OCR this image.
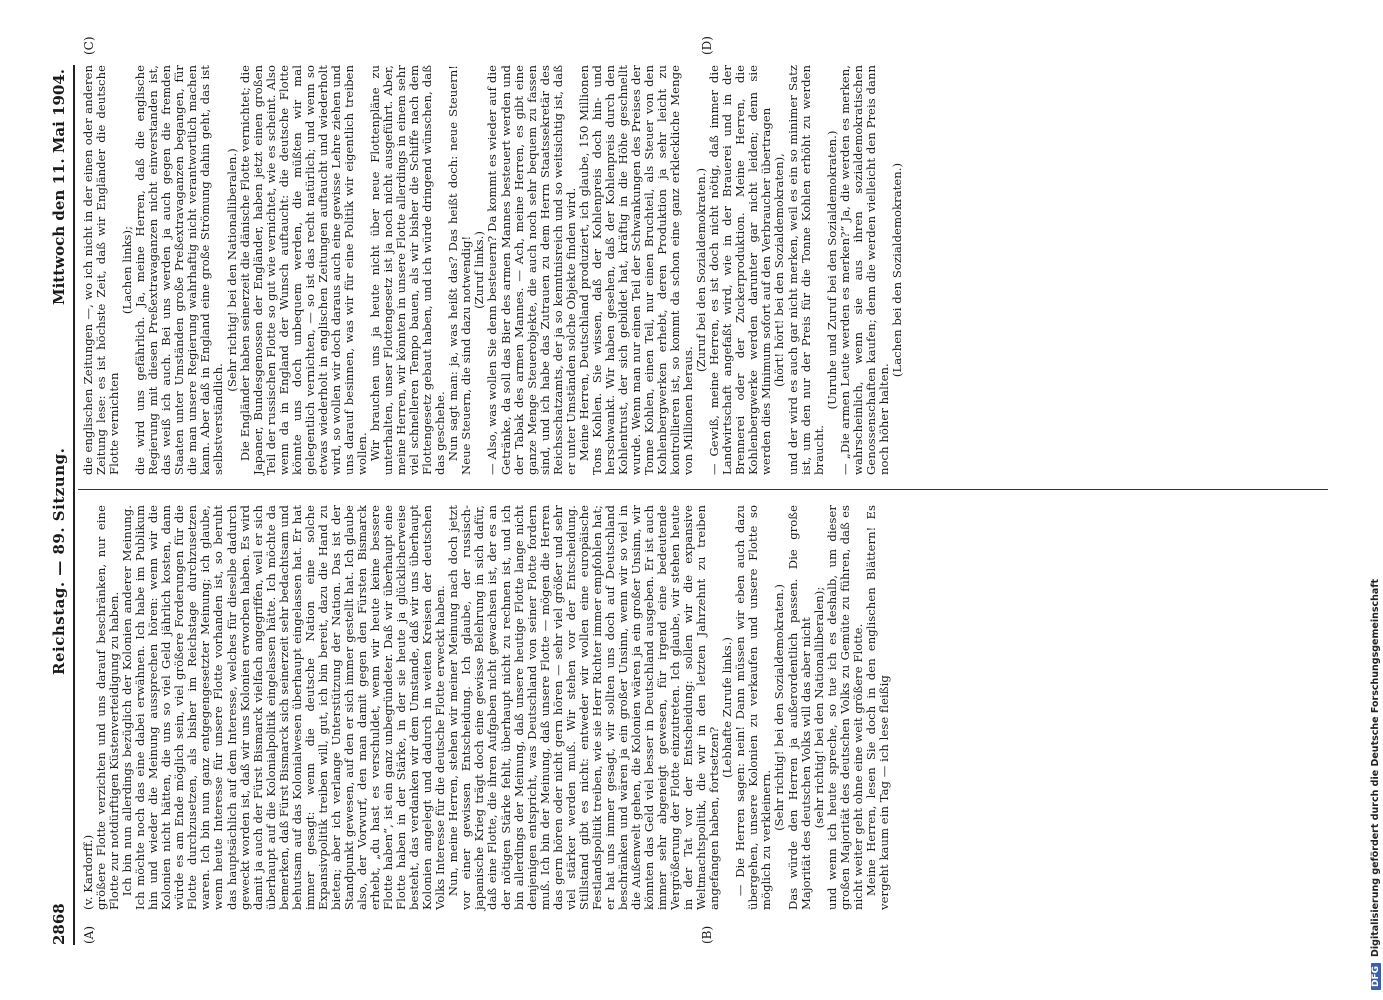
2868
Reichstag. — 89. Sitzung.
Mittwoch den 11. Mai 1904.
(A)	(B)
(C)	(D)

(v. Kardorff.) größere Flotte verzichten und uns darauf beschränken, nur eine Flotte zur notdürftigen Küstenverteidigung zu haben. Ich bin nun allerdings bezüglich der Kolonien anderer Meinung. Ich möchte noch das eine dabei erwähnen. Ich habe im Publikum hin und wieder die Meinung aussprechen hören: wenn wir die Kolonien nicht hätten, die uns so viel Geld jährlich kosten, dann würde es am Ende möglich sein, viel größere Forderungen für die Flotte durchzusetzen, als bisher im Reichstage durchzusetzen waren. Ich bin nun ganz entgegengesetzter Meinung; ich glaube, wenn heute Interesse für unsere Flotte vorhanden ist, so beruht das hauptsächlich auf dem Interesse, welches für dieselbe dadurch geweckt worden ist, daß wir uns Kolonien erworben haben. Es wird damit ja auch der Fürst Bismarck vielfach angegriffen, weil er sich überhaupt auf die Kolonialpolitik eingelassen hätte. Ich möchte da bemerken, daß Fürst Bismarck sich seinerzeit sehr bedachtsam und behutsam auf das Kolonialwesen überhaupt eingelassen hat. Er hat immer gesagt: wenn die deutsche Nation eine solche Expansivpolitik treiben will, gut, ich bin bereit, dazu die Hand zu bieten; aber ich verlange Unterstützung der Nation. Das ist der Standpunkt gewesen, auf den er sich immer gestellt hat. Ich glaube also, der Vorwurf, den man damit gegen den Fürsten Bismarck erhebt, „du hast es verschuldet, wenn wir heute keine bessere Flotte haben“, ist ein ganz unbegründeter. Daß wir überhaupt eine Flotte haben in der Stärke, in der sie heute ja glücklicherweise besteht, das verdanken wir dem Umstande, daß wir uns überhaupt Kolonien angelegt und dadurch in weiten Kreisen der deutschen Volks Interesse für die deutsche Flotte erweckt haben. Nun, meine Herren, stehen wir meiner Meinung nach doch jetzt vor einer gewissen Entscheidung. Ich glaube, der russisch-japanische Krieg trägt doch eine gewisse Belehrung in sich dafür, daß eine Flotte, die ihren Aufgaben nicht gewachsen ist, der es an der nötigen Stärke fehlt, überhaupt nicht zu rechnen ist, und ich bin allerdings der Meinung, daß unsere heutige Flotte lange nicht denjenigen entspricht, was Deutschland von seiner Flotte fordern muß. Ich bin der Meinung, daß unsere Flotte — mögen die Herren das gern hören oder nicht gern hören — sehr viel größer und sehr viel stärker werden muß. Wir stehen vor der Entscheidung. Stillstand gibt es nicht: entweder wir wollen eine europäische Festlandspolitik treiben, wie sie Herr Richter immer empfohlen hat; er hat uns immer gesagt, wir sollten uns doch auf Deutschland beschränken und wären ja ein großer Unsinn, wenn wir so viel in die Außenwelt gehen, die Kolonien wären ja ein großer Unsinn, wir könnten das Geld viel besser in Deutschland ausgeben. Er ist auch immer sehr abgeneigt gewesen, für irgend eine bedeutende Vergrößerung der Flotte einzutreten. Ich glaube, wir stehen heute in der Tat vor der Entscheidung: sollen wir die expansive Weltmachtspolitik, die wir in den letzten Jahrzehnt zu treiben angefangen haben, fortsetzen?

(Lebhafte Zurufe links.) — Die Herren sagen: nein! Dann müssen wir eben auch dazu übergehen, unsere Kolonien zu verkaufen und unsere Flotte so möglich zu verkleinern.

(Sehr richtig! bei den Sozialdemokraten.) Das würde den Herren ja außerordentlich passen. Die große Majorität des deutschen Volks will das aber nicht (sehr richtig! bei den Nationalliberalen); und wenn ich heute spreche, so tue ich es deshalb, um dieser großen Majorität des deutschen Volks zu Gemüte zu führen, daß es nicht weiter geht ohne eine weit größere Flotte. Meine Herren, lesen Sie doch in den englischen Blättern! Es vergeht kaum ein Tag — ich lese fleißig

die englischen Zeitungen —, wo ich nicht in der einen oder anderen Zeitung lese: es ist höchste Zeit, daß wir Engländer die deutsche Flotte vernichten

(Lachen links); die wird uns gefährlich. Ja, meine Herren, daß die englische Regierung mit diesen Preßextravaganzen nicht einverstanden ist, das weiß ich auch. Bei uns werden ja auch gegen die fremden Staaten unter Umständen große Preßextravaganzen begangen, für die man unsere Regierung wahrhaftig nicht verantwortlich machen kann. Aber daß in England eine große Strömung dahin geht, das ist selbstverständlich.

(Sehr richtig! bei den Nationalliberalen.) Die Engländer haben seinerzeit die dänische Flotte vernichtet; die Japaner, Bundesgenossen der Engländer, haben jetzt einen großen Teil der russischen Flotte so gut wie vernichtet, wie es scheint. Also wenn da in England der Wunsch auftaucht: die deutsche Flotte könnte uns doch unbequem werden, die müßten wir mal gelegentlich vernichten, — so ist das recht natürlich; und wenn so etwas wiederholt in englischen Zeitungen auftaucht und wiederholt wird, so wollen wir doch daraus auch eine gewisse Lehre ziehen und uns darauf besinnen, was wir für eine Politik wir eigentlich treiben wollen. Wir brauchen uns ja heute nicht über neue Flottenpläne zu unterhalten, unser Flottengesetz ist ja noch nicht ausgeführt. Aber, meine Herren, wir könnten in unsere Flotte allerdings in einem sehr viel schnelleren Tempo bauen, als wir bisher die Schiffe nach dem Flottengesetz gebaut haben, und ich würde dringend wünschen, daß das geschehe. Nun sagt man: ja, was heißt das? Das heißt doch: neue Steuern! Neue Steuern, die sind dazu notwendig! (Zuruf links.) — Also, was wollen Sie denn besteuern? Da kommt es wieder auf die Getränke, da soll das Bier des armen Mannes besteuert werden und der Tabak des armen Mannes. — Ach, meine Herren, es gibt eine ganze Menge Steuerobjekte, die auch noch sehr bequem zu fassen sind, und ich habe das Zutrauen zu dem Herrn Staatssekretär des Reichsschatzamts, der ja so kenntnisreich und so weitsichtig ist, daß er unter Umständen solche Objekte finden wird. Meine Herren, Deutschland produziert, ich glaube, 150 Millionen Tons Kohlen. Sie wissen, daß der Kohlenpreis doch hin- und herschwankt. Wir haben gesehen, daß der Kohlenpreis durch den Kohlentrust, der sich gebildet hat, kräftig in die Höhe geschnellt wurde. Wenn man nur einen Teil der Schwankungen des Preises der Tonne Kohlen, einen Teil, nur einen Bruchteil, als Steuer von den Kohlenbergwerken erhebt, deren Produktion ja sehr leicht zu kontrollieren ist, so kommt da schon eine ganz erkleckliche Menge von Millionen heraus.

(Zuruf bei den Sozialdemokraten.) — Gewiß, meine Herren, es ist doch nicht nötig, daß immer die Landwirtschaft angefaßt wird, wie in der Brauerei und in der Brennerei oder der Zuckerproduktion. Meine Herren, die Kohlenbergwerke werden darunter gar nicht leiden; denn sie werden dies Minimum sofort auf den Verbraucher übertragen (hört! hört! bei den Sozialdemokraten), und der wird es auch gar nicht merken, weil es ein so minimer Satz ist, um den nur der Preis für die Tonne Kohlen erhöht zu werden braucht.

(Unruhe und Zuruf bei den Sozialdemokraten.) — „Die armen Leute werden es merken?“ Ja, die werden es merken, wahrscheinlich, wenn sie aus ihren sozialdemokratischen Genossenschaften kaufen; denn die werden vielleicht den Preis dann noch höher halten.

(Lachen bei den Sozialdemokraten.)

DFGDigitalisierung gefördert durch die Deutsche Forschungsgemeinschaft
